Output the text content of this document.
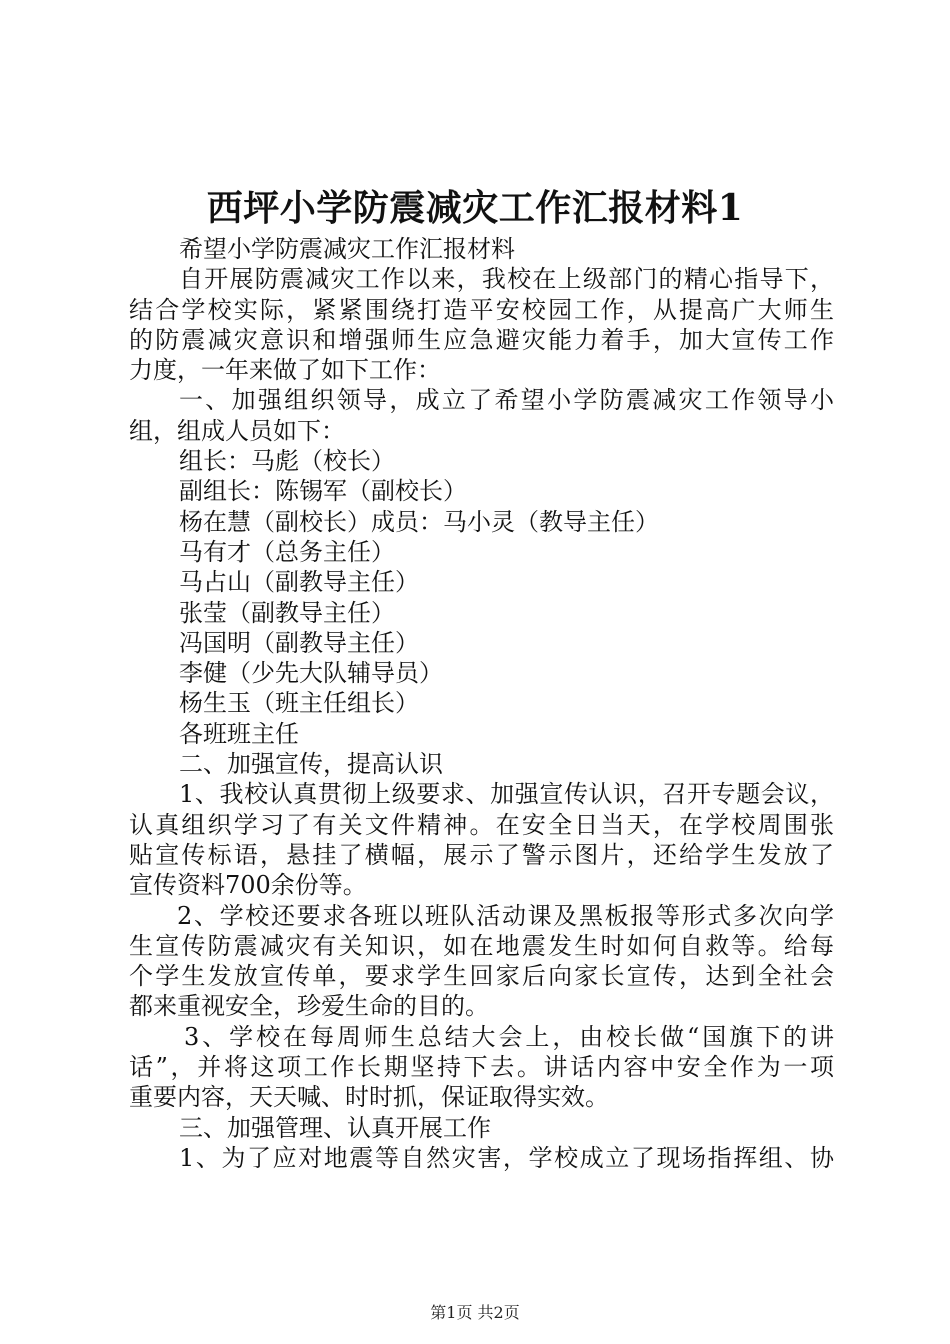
西坪小学防震减灾工作汇报材料1
希望小学防震减灾工作汇报材料
自开展防震减灾工作以来，我校在上级部门的精心指导下，
结合学校实际，紧紧围绕打造平安校园工作，从提高广大师生
的防震减灾意识和增强师生应急避灾能力着手，加大宣传工作
力度，一年来做了如下工作：
一、加强组织领导，成立了希望小学防震减灾工作领导小
组，组成人员如下：
组长：马彪（校长）
副组长：陈锡军（副校长）
杨在慧（副校长）成员：马小灵（教导主任）
马有才（总务主任）
马占山（副教导主任）
张莹（副教导主任）
冯国明（副教导主任）
李健（少先大队辅导员）
杨生玉（班主任组长）
各班班主任
二、加强宣传，提高认识
1、我校认真贯彻上级要求、加强宣传认识，召开专题会议，
认真组织学习了有关文件精神。在安全日当天，在学校周围张
贴宣传标语，悬挂了横幅，展示了警示图片，还给学生发放了
宣传资料700余份等。
2、学校还要求各班以班队活动课及黑板报等形式多次向学
生宣传防震减灾有关知识，如在地震发生时如何自救等。给每
个学生发放宣传单，要求学生回家后向家长宣传，达到全社会
都来重视安全，珍爱生命的目的。
3、学校在每周师生总结大会上，由校长做“国旗下的讲
话”，并将这项工作长期坚持下去。讲话内容中安全作为一项
重要内容，天天喊、时时抓，保证取得实效。
三、加强管理、认真开展工作
1、为了应对地震等自然灾害，学校成立了现场指挥组、协
第1页 共2页
